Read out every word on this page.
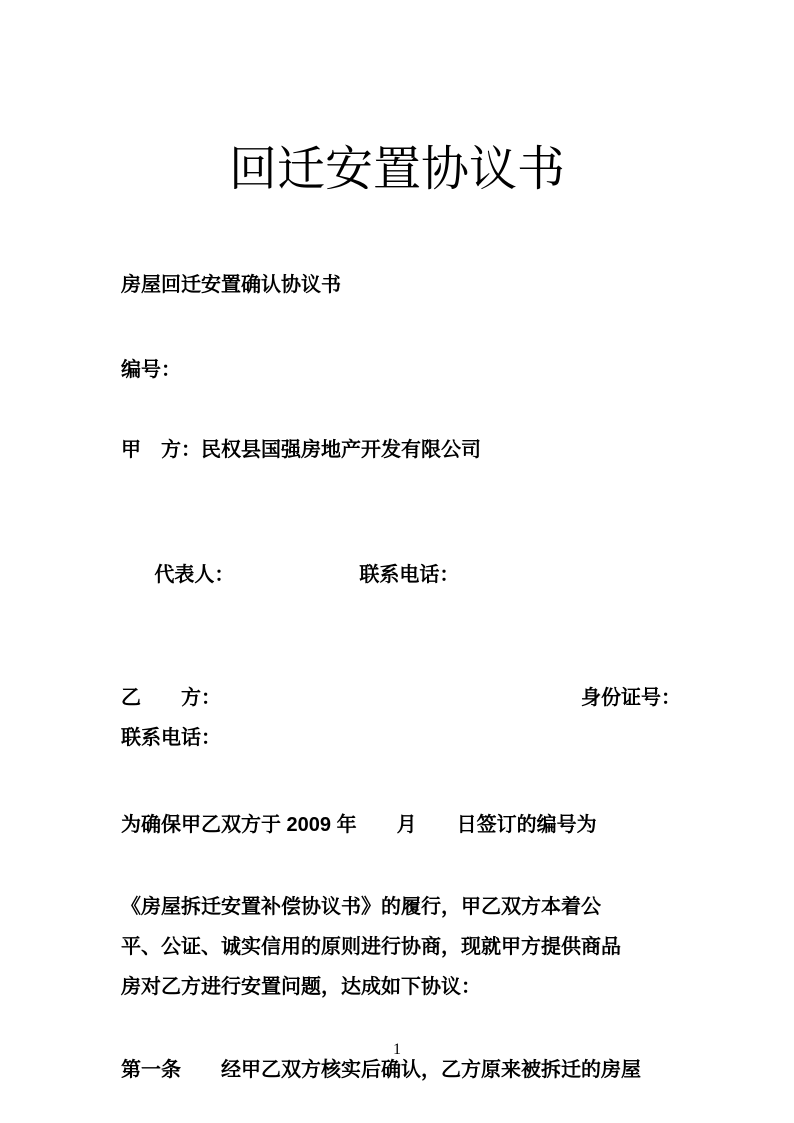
回迁安置协议书
房屋回迁安置确认协议书
编号：
甲　方：民权县国强房地产开发有限公司

代表人：	联系电话：

乙　　方：	身份证号：
联系电话：
为确保甲乙双方于 2009 年　　月　　日签订的编号为
《房屋拆迁安置补偿协议书》的履行，甲乙双方本着公
平、公证、诚实信用的原则进行协商，现就甲方提供商品
房对乙方进行安置问题，达成如下协议：
第一条　　经甲乙双方核实后确认，乙方原来被拆迁的房屋
1
